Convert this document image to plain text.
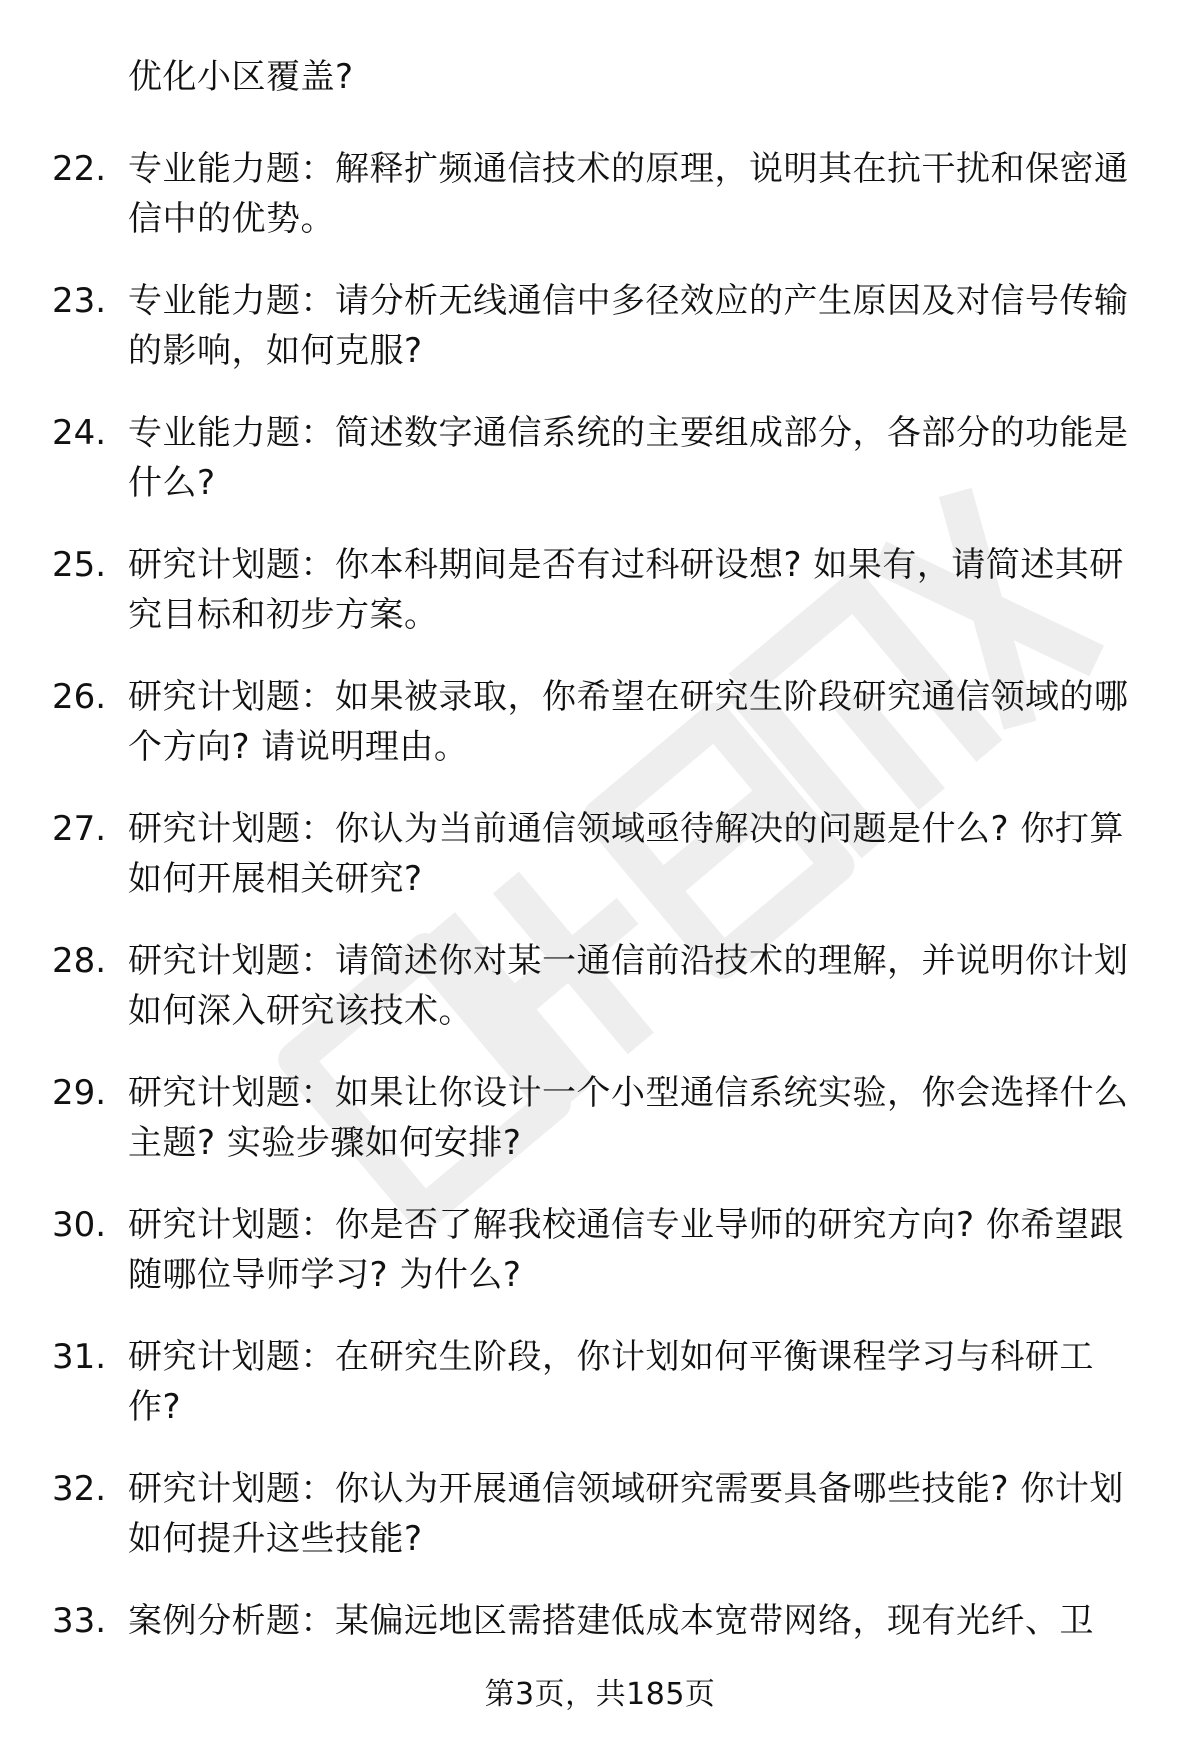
优化小区覆盖?
22. 专业能力题：解释扩频通信技术的原理，说明其在抗干扰和保密通信中的优势。
23. 专业能力题：请分析无线通信中多径效应的产生原因及对信号传输的影响，如何克服?
24. 专业能力题：简述数字通信系统的主要组成部分，各部分的功能是什么?
25. 研究计划题：你本科期间是否有过科研设想? 如果有，请简述其研究目标和初步方案。
26. 研究计划题：如果被录取，你希望在研究生阶段研究通信领域的哪个方向? 请说明理由。
27. 研究计划题：你认为当前通信领域亟待解决的问题是什么? 你打算如何开展相关研究?
28. 研究计划题：请简述你对某一通信前沿技术的理解，并说明你计划如何深入研究该技术。
29. 研究计划题：如果让你设计一个小型通信系统实验，你会选择什么主题? 实验步骤如何安排?
30. 研究计划题：你是否了解我校通信专业导师的研究方向? 你希望跟随哪位导师学习? 为什么?
31. 研究计划题：在研究生阶段，你计划如何平衡课程学习与科研工作?
32. 研究计划题：你认为开展通信领域研究需要具备哪些技能? 你计划如何提升这些技能?
33. 案例分析题：某偏远地区需搭建低成本宽带网络，现有光纤、卫
第3页，共185页
